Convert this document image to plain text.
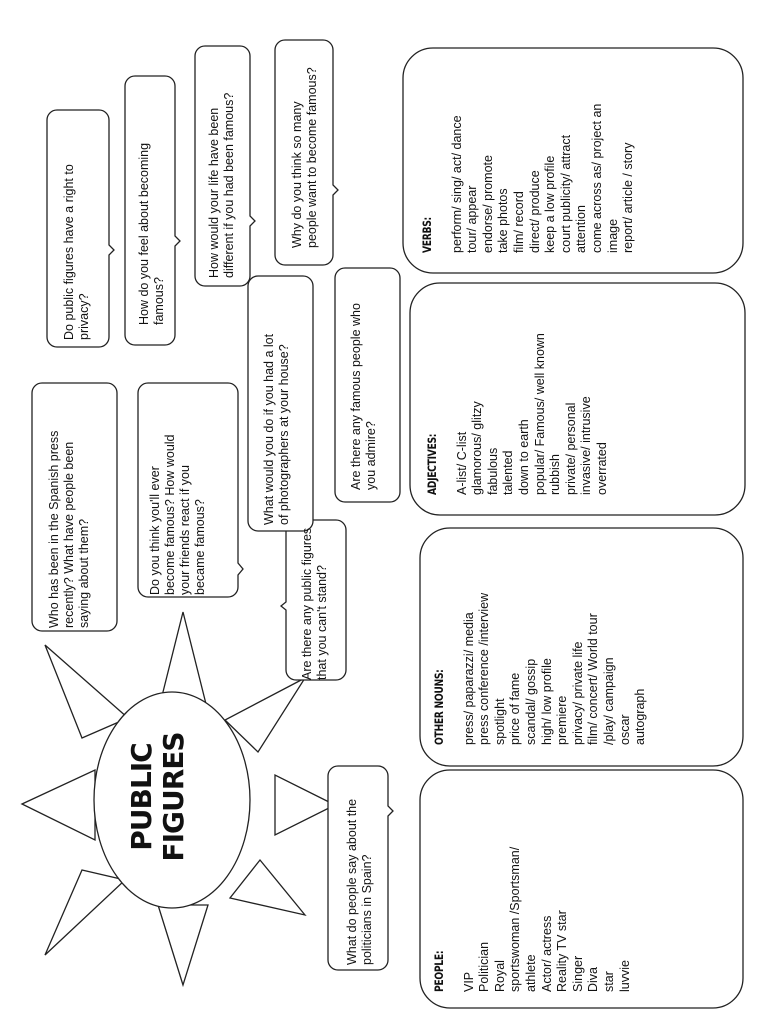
PUBLIC FIGURES
What do people say about the politicians in Spain?
Are there any public figures that you can't stand?
Do you think you'll ever become famous? How would your friends react if you became famous?
Who has been in the Spanish press recently? What have people been saying about them?
What would you do if you had a lot of photographers at your house?	Are there any famous people who you admire?
Do public figures have a right to privacy?	How do you feel about becoming famous?
How would your life have been different if you had been famous?	Why do you think so many people want to become famous?
PEOPLE: VIP Politician Royal sportswoman /Sportsman/ athlete Actor/ actress Reality TV star Singer Diva star luvvie
OTHER NOUNS: press/ paparazzi/ media press conference /interview spotlight price of fame scandal/ gossip high/ low profile premiere privacy/ private life film/ concert/ World tour /play/ campaign oscar autograph
ADJECTIVES: A-list/ C-list glamorous/ glitzy fabulous talented down to earth popular/ Famous/ well known rubbish private/ personal invasive/ intrusive overrated
VERBS: perform/ sing/ act/ dance tour/ appear endorse/ promote take photos film/ record direct/ produce keep a low profile court publicity/ attract attention come across as/ project an image report/ article / story
